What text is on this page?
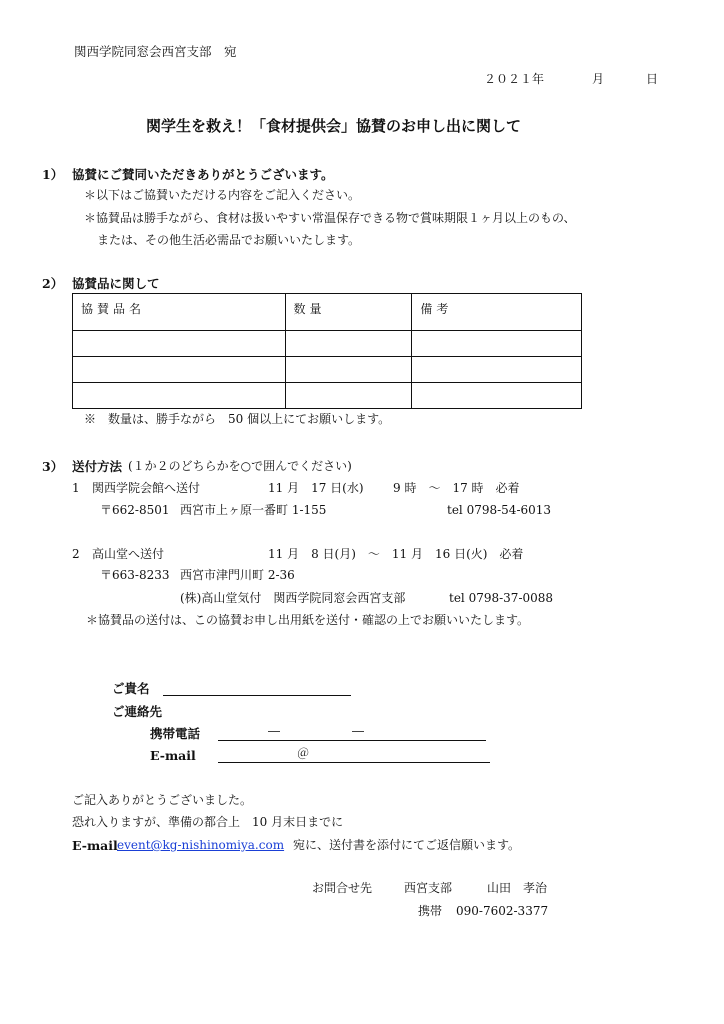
関西学院同窓会西宮支部　宛
２０２１年	月	日
関学生を救え！「食材提供会」協賛のお申し出に関して
1） 協賛にご賛同いただきありがとうございます。
＊以下はご協賛いただける内容をご記入ください。
＊協賛品は勝手ながら、食材は扱いやすい常温保存できる物で賞味期限１ヶ月以上のもの、
または、その他生活必需品でお願いいたします。
2） 協賛品に関して
協賛品名	数量	備考

※　数量は、勝手ながら　50 個以上にてお願いします。
3） 送付方法 (１か２のどちらかを○で囲んでください)
1 関西学院会館へ送付	11 月　17 日(水) 9 時　～　17 時　必着
〒662-8501 西宮市上ヶ原一番町 1-155	tel 0798-54-6013
2 高山堂へ送付	11 月　8 日(月)　～　11 月　16 日(火)　必着
〒663-8233 西宮市津門川町 2-36
(株)高山堂気付　関西学院同窓会西宮支部	tel 0798-37-0088
＊協賛品の送付は、この協賛お申し出用紙を送付・確認の上でお願いいたします。
ご貴名
ご連絡先
携帯電話	―	―
E-mail	＠
ご記入ありがとうございました。
恐れ入りますが、準備の都合上　10 月末日までに
E-mail event@kg-nishinomiya.com 宛に、送付書を添付にてご返信願います。
お問合せ先	西宮支部	山田　孝治
携帯 090-7602-3377
